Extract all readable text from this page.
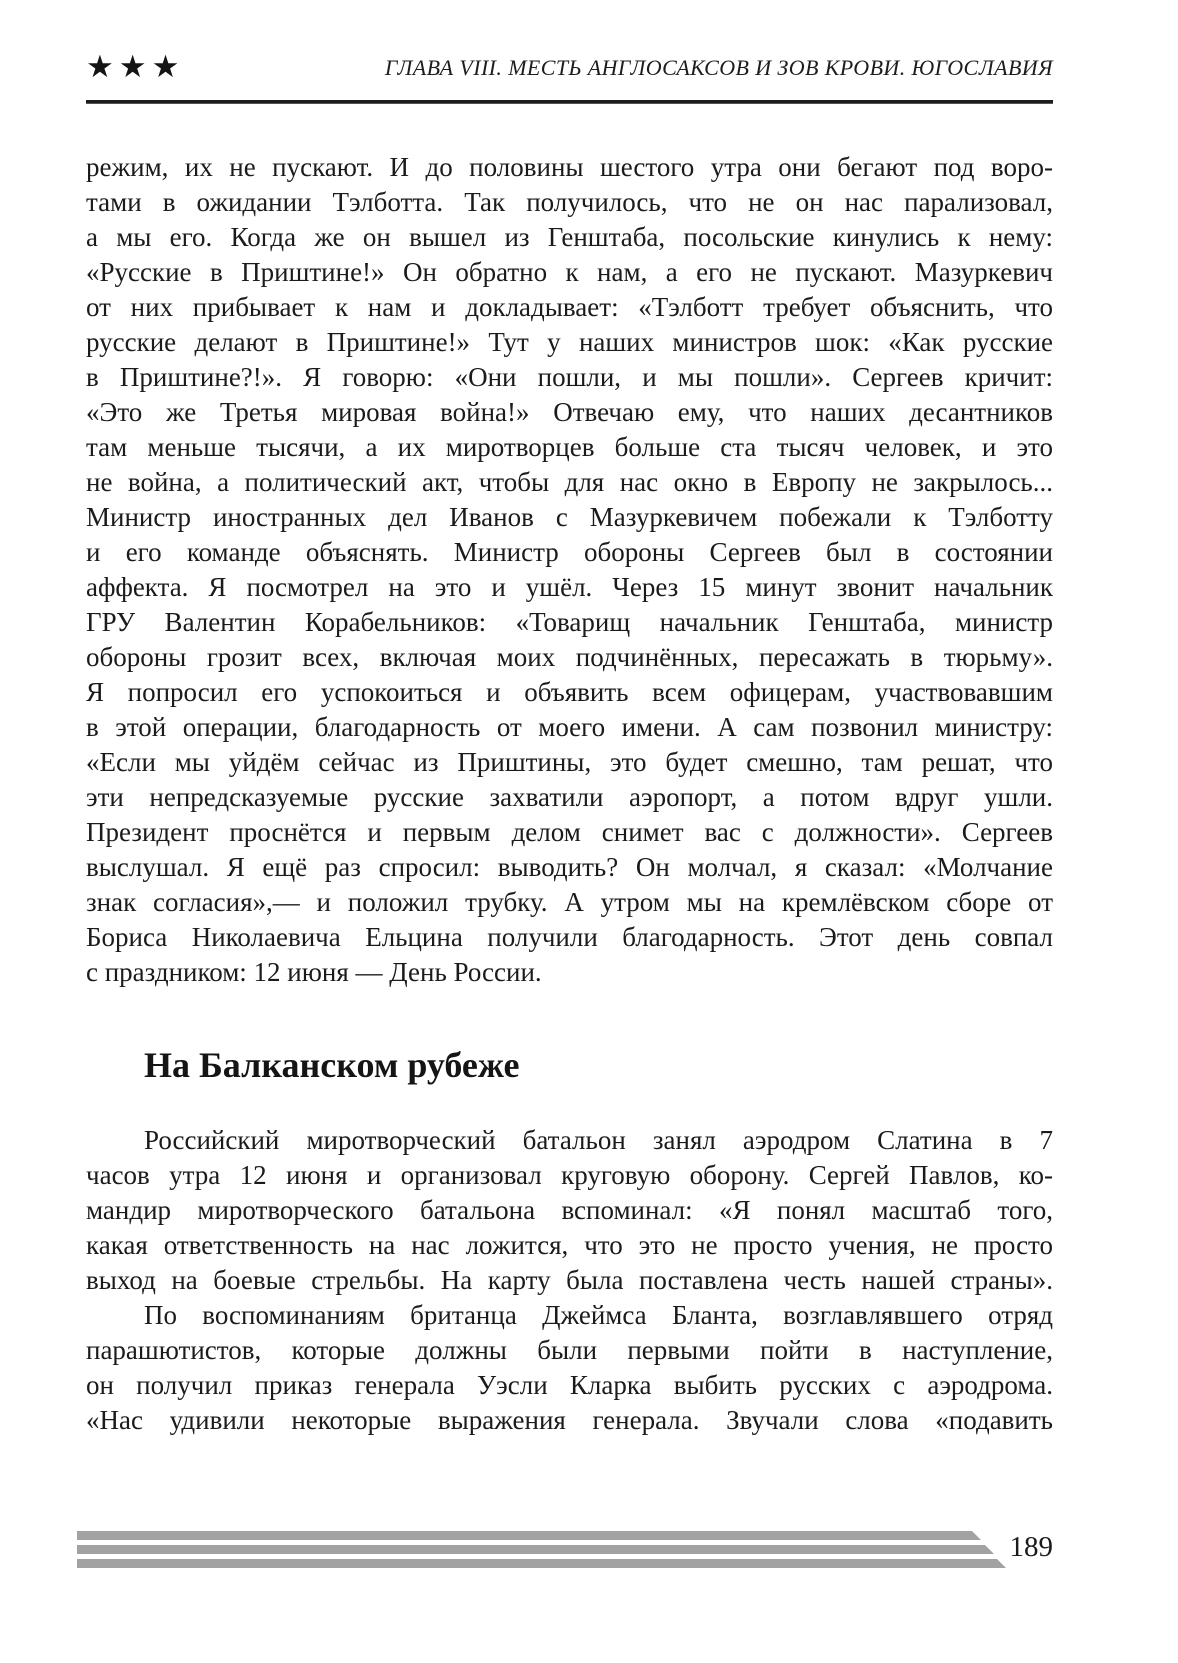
★★★	ГЛАВА VIII. МЕСТЬ АНГЛОСАКСОВ И ЗОВ КРОВИ. ЮГОСЛАВИЯ
режим, их не пускают. И до половины шестого утра они бегают под воро-
тами в ожидании Тэлботта. Так получилось, что не он нас парализовал,
а мы его. Когда же он вышел из Генштаба, посольские кинулись к нему:
«Русские в Приштине!» Он обратно к нам, а его не пускают. Мазуркевич
от них прибывает к нам и докладывает: «Тэлботт требует объяснить, что
русские делают в Приштине!» Тут у наших министров шок: «Как русские
в Приштине?!». Я говорю: «Они пошли, и мы пошли». Сергеев кричит:
«Это же Третья мировая война!» Отвечаю ему, что наших десантников
там меньше тысячи, а их миротворцев больше ста тысяч человек, и это
не война, а политический акт, чтобы для нас окно в Европу не закрылось...
Министр иностранных дел Иванов с Мазуркевичем побежали к Тэлботту
и его команде объяснять. Министр обороны Сергеев был в состоянии
аффекта. Я посмотрел на это и ушёл. Через 15 минут звонит начальник
ГРУ Валентин Корабельников: «Товарищ начальник Генштаба, министр
обороны грозит всех, включая моих подчинённых, пересажать в тюрьму».
Я попросил его успокоиться и объявить всем офицерам, участвовавшим
в этой операции, благодарность от моего имени. А сам позвонил министру:
«Если мы уйдём сейчас из Приштины, это будет смешно, там решат, что
эти непредсказуемые русские захватили аэропорт, а потом вдруг ушли.
Президент проснётся и первым делом снимет вас с должности». Сергеев
выслушал. Я ещё раз спросил: выводить? Он молчал, я сказал: «Молчание
знак согласия»,— и положил трубку. А утром мы на кремлёвском сборе от
Бориса Николаевича Ельцина получили благодарность. Этот день совпал
с праздником: 12 июня — День России.
На Балканском рубеже
Российский миротворческий батальон занял аэродром Слатина в 7
часов утра 12 июня и организовал круговую оборону. Сергей Павлов, ко-
мандир миротворческого батальона вспоминал: «Я понял масштаб того,
какая ответственность на нас ложится, что это не просто учения, не просто
выход на боевые стрельбы. На карту была поставлена честь нашей страны».
По воспоминаниям британца Джеймса Бланта, возглавлявшего отряд
парашютистов, которые должны были первыми пойти в наступление,
он получил приказ генерала Уэсли Кларка выбить русских с аэродрома.
«Нас удивили некоторые выражения генерала. Звучали слова «подавить
189
